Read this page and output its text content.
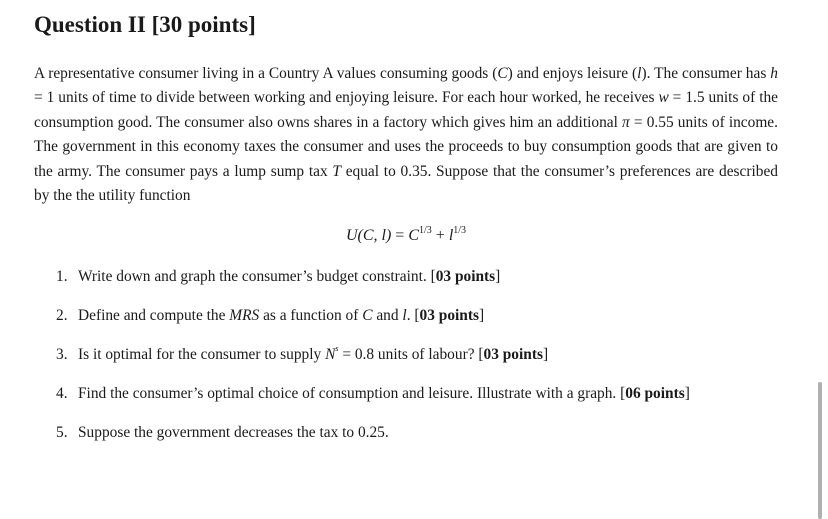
Question II [30 points]

A representative consumer living in a Country A values consuming goods (C) and enjoys leisure (l). The consumer has h = 1 units of time to divide between working and enjoying leisure. For each hour worked, he receives w = 1.5 units of the consumption good. The consumer also owns shares in a factory which gives him an additional π = 0.55 units of income. The government in this economy taxes the consumer and uses the proceeds to buy consumption goods that are given to the army. The consumer pays a lump sump tax T equal to 0.35. Suppose that the consumer’s preferences are described by the the utility function

U(C, $l) = C^{1/3} + l^{1/3}$
1. Write down and graph the consumer’s budget constraint. [03 points]
2. Define and compute the MRS as a function of C and l. [03 points]
3. Is it optimal for the consumer to supply $N^s = 0.8$ units of labour? [03 points]
4. Find the consumer’s optimal choice of consumption and leisure. Illustrate with a graph. [06 points]
5. Suppose the government decreases the tax to 0.25.
